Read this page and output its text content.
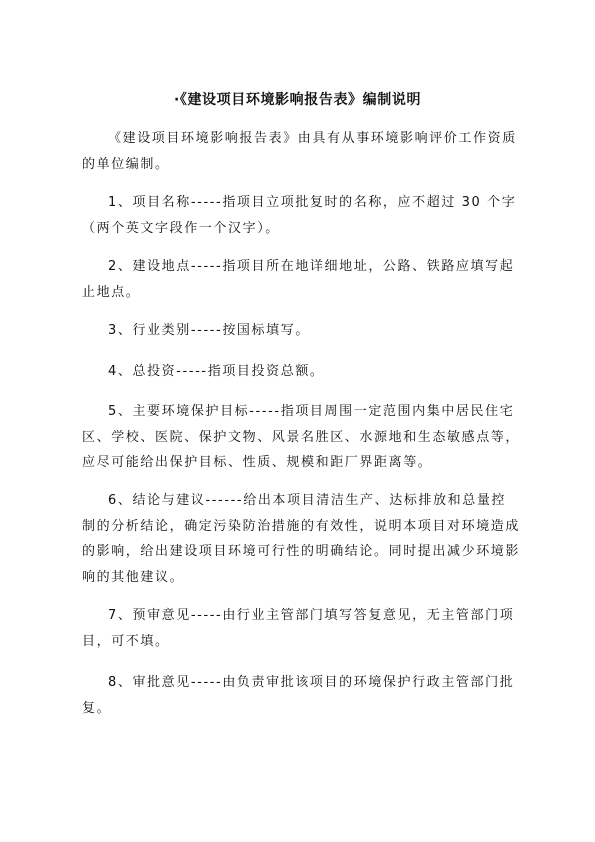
·《建设项目环境影响报告表》编制说明

《建设项目环境影响报告表》由具有从事环境影响评价工作资质的单位编制。

1、项目名称-----指项目立项批复时的名称，应不超过 30 个字（两个英文字段作一个汉字）。

2、建设地点-----指项目所在地详细地址，公路、铁路应填写起止地点。

3、行业类别-----按国标填写。

4、总投资-----指项目投资总额。

5、主要环境保护目标-----指项目周围一定范围内集中居民住宅区、学校、医院、保护文物、风景名胜区、水源地和生态敏感点等，应尽可能给出保护目标、性质、规模和距厂界距离等。

6、结论与建议------给出本项目清洁生产、达标排放和总量控制的分析结论，确定污染防治措施的有效性，说明本项目对环境造成的影响，给出建设项目环境可行性的明确结论。同时提出减少环境影响的其他建议。

7、预审意见-----由行业主管部门填写答复意见，无主管部门项目，可不填。

8、审批意见-----由负责审批该项目的环境保护行政主管部门批复。
